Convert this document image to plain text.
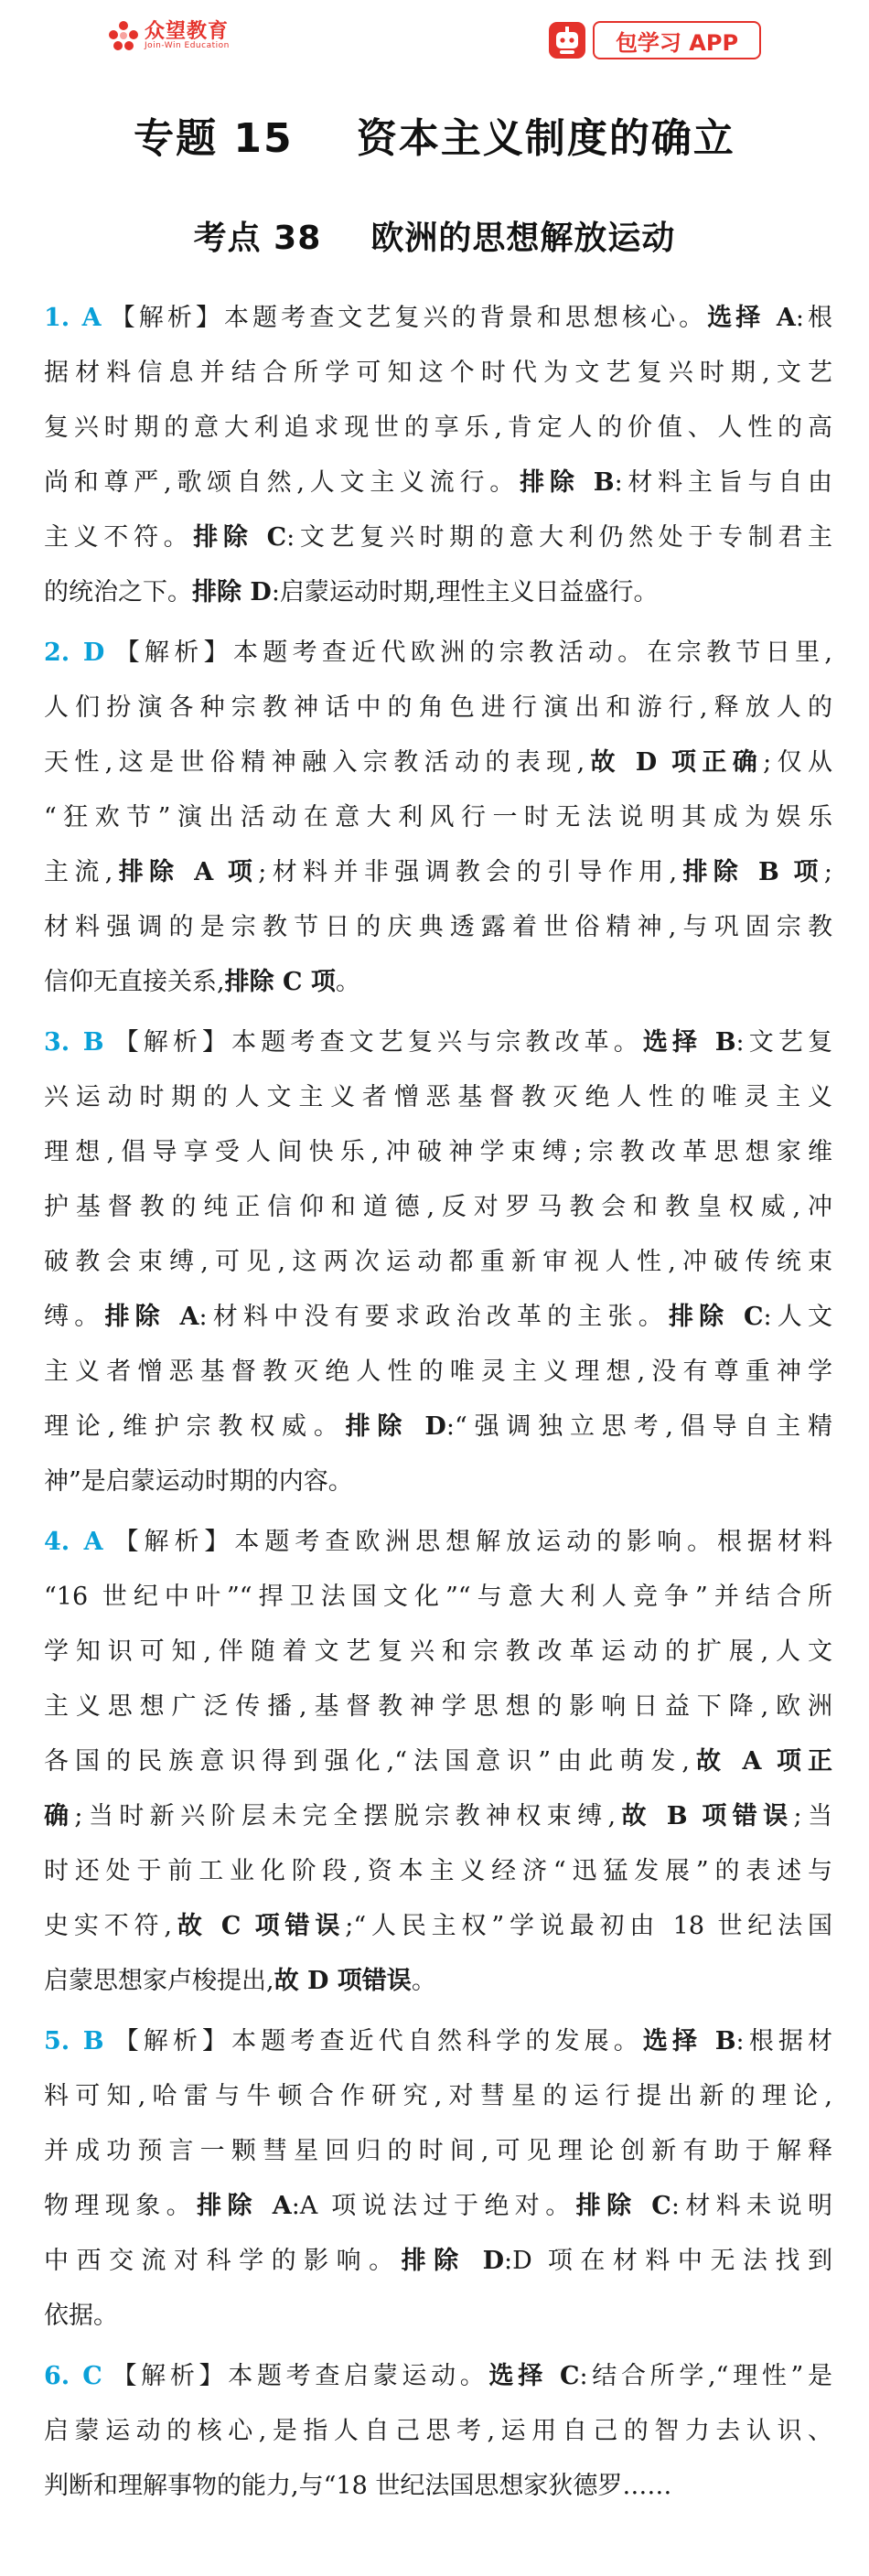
众望教育
Join-Win Education	包学习 APP
专题 15    资本主义制度的确立
考点 38    欧洲的思想解放运动
1. A 【解析】本题考查文艺复兴的背景和思想核心。选择 A:根
据材料信息并结合所学可知这个时代为文艺复兴时期,文艺
复兴时期的意大利追求现世的享乐,肯定人的价值、人性的高
尚和尊严,歌颂自然,人文主义流行。排除 B:材料主旨与自由
主义不符。排除 C:文艺复兴时期的意大利仍然处于专制君主
的统治之下。排除 D:启蒙运动时期,理性主义日益盛行。
2. D 【解析】本题考查近代欧洲的宗教活动。在宗教节日里,
人们扮演各种宗教神话中的角色进行演出和游行,释放人的
天性,这是世俗精神融入宗教活动的表现,故 D 项正确;仅从
“狂欢节”演出活动在意大利风行一时无法说明其成为娱乐
主流,排除 A 项;材料并非强调教会的引导作用,排除 B 项;
材料强调的是宗教节日的庆典透露着世俗精神,与巩固宗教
信仰无直接关系,排除 C 项。
3. B 【解析】本题考查文艺复兴与宗教改革。选择 B:文艺复
兴运动时期的人文主义者憎恶基督教灭绝人性的唯灵主义
理想,倡导享受人间快乐,冲破神学束缚;宗教改革思想家维
护基督教的纯正信仰和道德,反对罗马教会和教皇权威,冲
破教会束缚,可见,这两次运动都重新审视人性,冲破传统束
缚。排除 A:材料中没有要求政治改革的主张。排除 C:人文
主义者憎恶基督教灭绝人性的唯灵主义理想,没有尊重神学
理论,维护宗教权威。排除 D:“强调独立思考,倡导自主精
神”是启蒙运动时期的内容。
4. A 【解析】本题考查欧洲思想解放运动的影响。根据材料
“16 世纪中叶”“捍卫法国文化”“与意大利人竞争”并结合所
学知识可知,伴随着文艺复兴和宗教改革运动的扩展,人文
主义思想广泛传播,基督教神学思想的影响日益下降,欧洲
各国的民族意识得到强化,“法国意识”由此萌发,故 A 项正
确;当时新兴阶层未完全摆脱宗教神权束缚,故 B 项错误;当
时还处于前工业化阶段,资本主义经济“迅猛发展”的表述与
史实不符,故 C 项错误;“人民主权”学说最初由 18 世纪法国
启蒙思想家卢梭提出,故 D 项错误。
5. B 【解析】本题考查近代自然科学的发展。选择 B:根据材
料可知,哈雷与牛顿合作研究,对彗星的运行提出新的理论,
并成功预言一颗彗星回归的时间,可见理论创新有助于解释
物理现象。排除 A:A 项说法过于绝对。排除 C:材料未说明
中西交流对科学的影响。排除 D:D 项在材料中无法找到
依据。
6. C 【解析】本题考查启蒙运动。选择 C:结合所学,“理性”是
启蒙运动的核心,是指人自己思考,运用自己的智力去认识、
判断和理解事物的能力,与“18 世纪法国思想家狄德罗……
